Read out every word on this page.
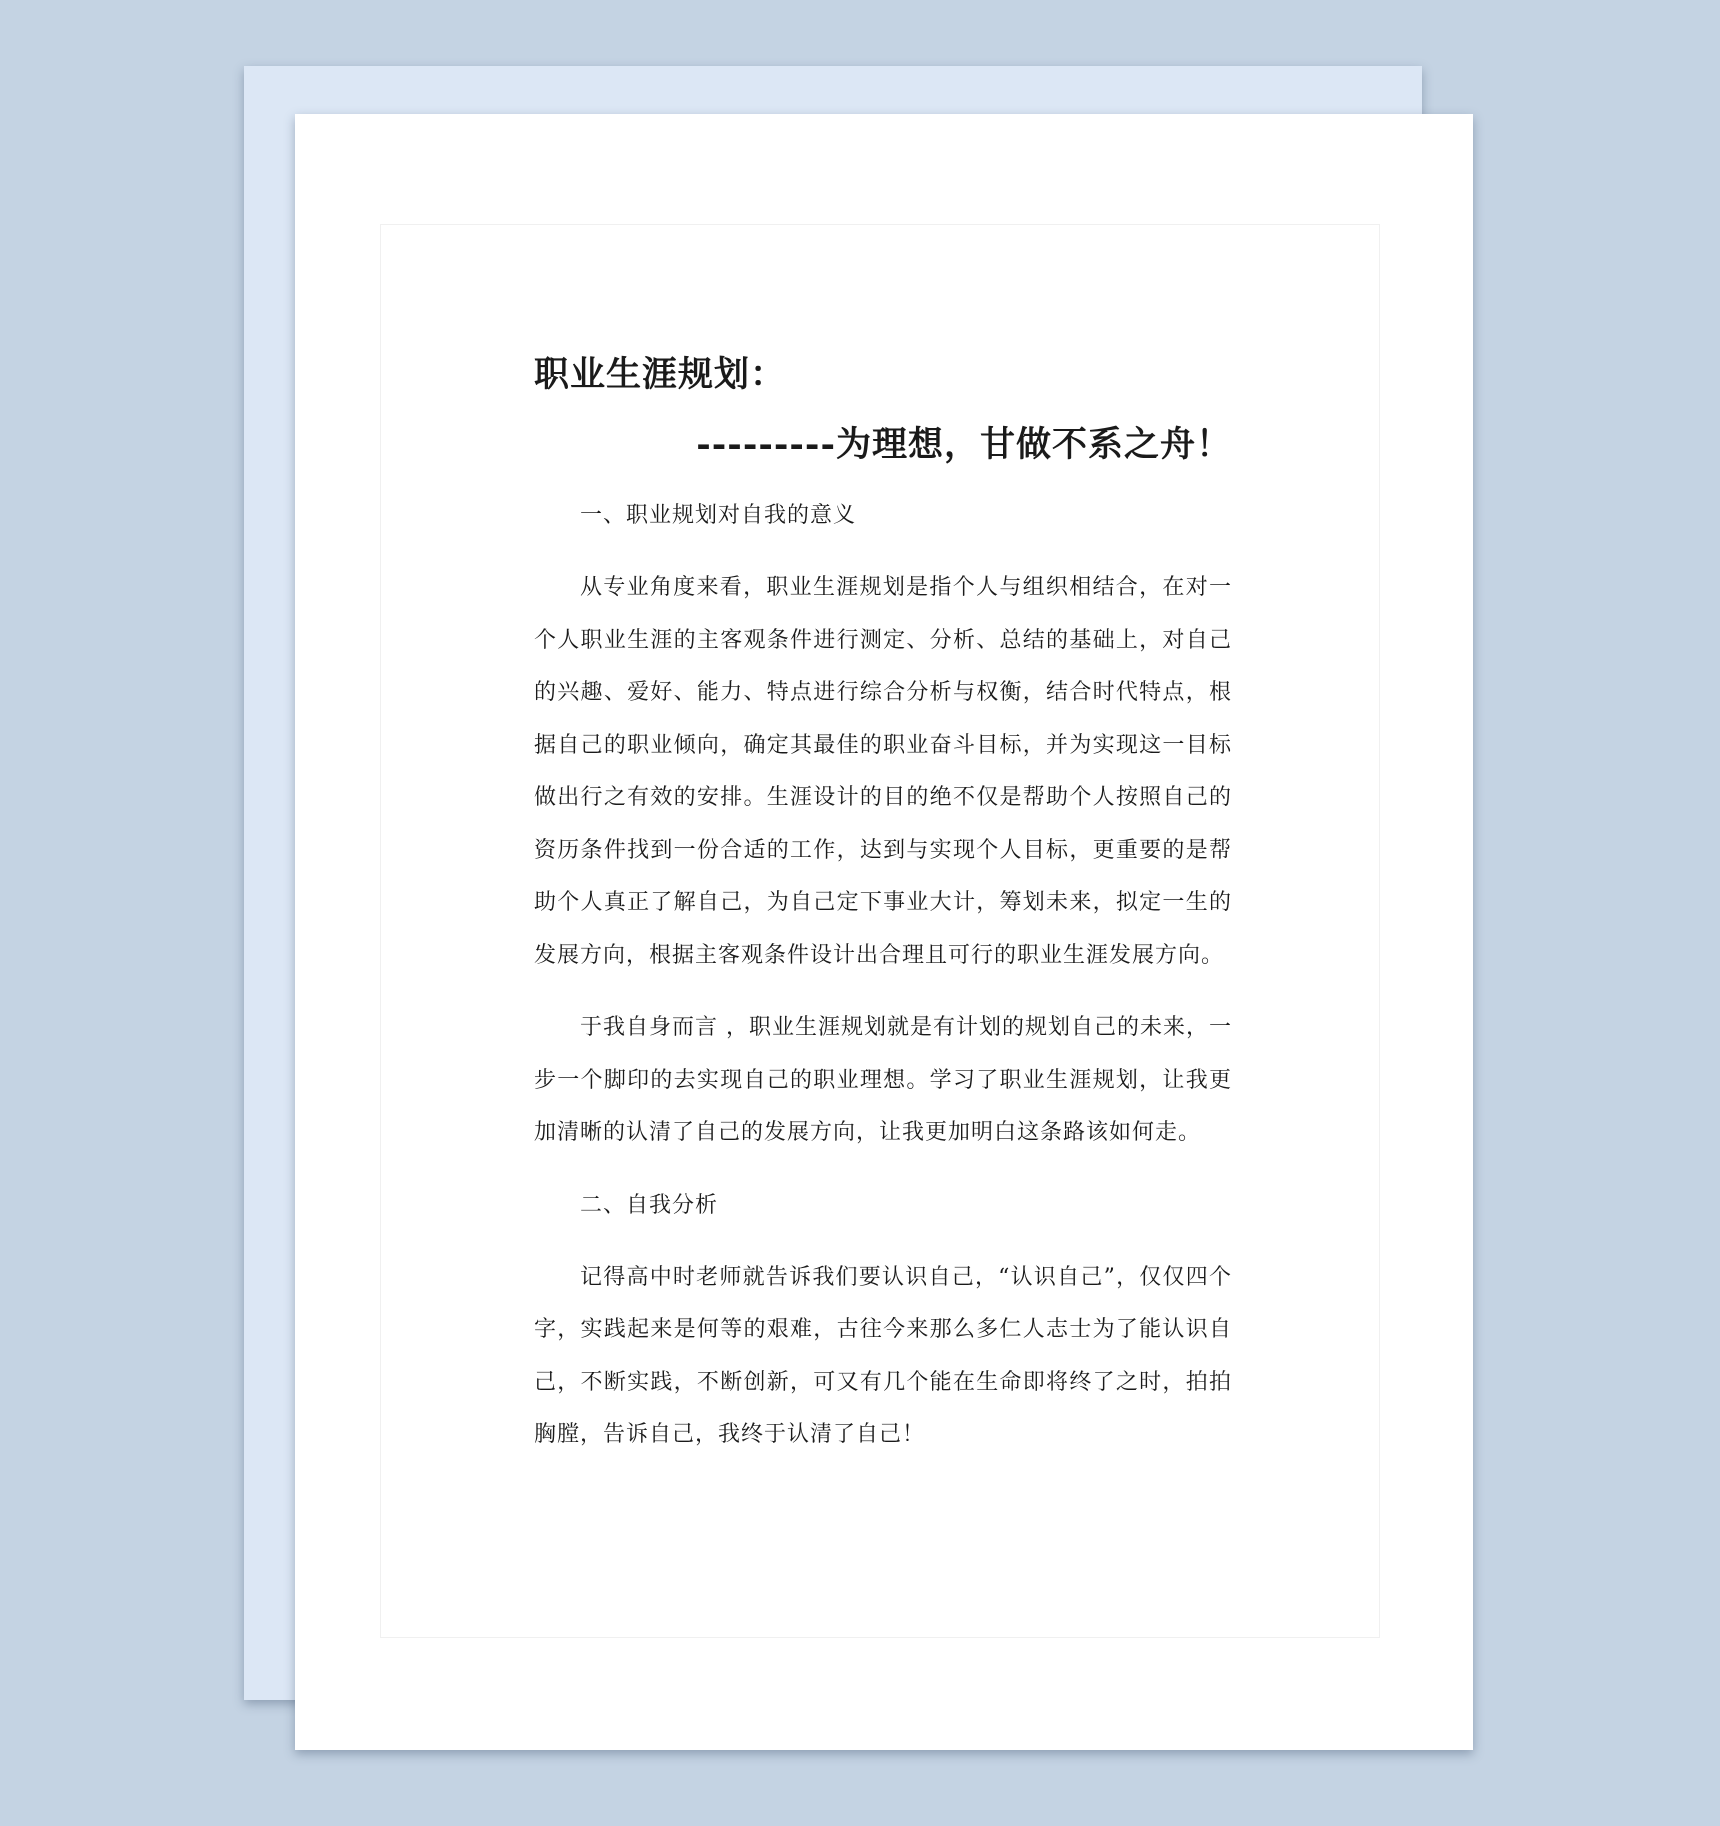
职业生涯规划：
---------为理想，甘做不系之舟！

一、职业规划对自我的意义

从专业角度来看，职业生涯规划是指个人与组织相结合，在对一个人职业生涯的主客观条件进行测定、分析、总结的基础上，对自己的兴趣、爱好、能力、特点进行综合分析与权衡，结合时代特点，根据自己的职业倾向，确定其最佳的职业奋斗目标，并为实现这一目标做出行之有效的安排。生涯设计的目的绝不仅是帮助个人按照自己的资历条件找到一份合适的工作，达到与实现个人目标，更重要的是帮助个人真正了解自己，为自己定下事业大计，筹划未来，拟定一生的发展方向，根据主客观条件设计出合理且可行的职业生涯发展方向。

于我自身而言 ，职业生涯规划就是有计划的规划自己的未来，一步一个脚印的去实现自己的职业理想。学习了职业生涯规划，让我更加清晰的认清了自己的发展方向，让我更加明白这条路该如何走。

二、自我分析

记得高中时老师就告诉我们要认识自己，“认识自己”，仅仅四个字，实践起来是何等的艰难，古往今来那么多仁人志士为了能认识自己，不断实践，不断创新，可又有几个能在生命即将终了之时，拍拍胸膛，告诉自己，我终于认清了自己！
